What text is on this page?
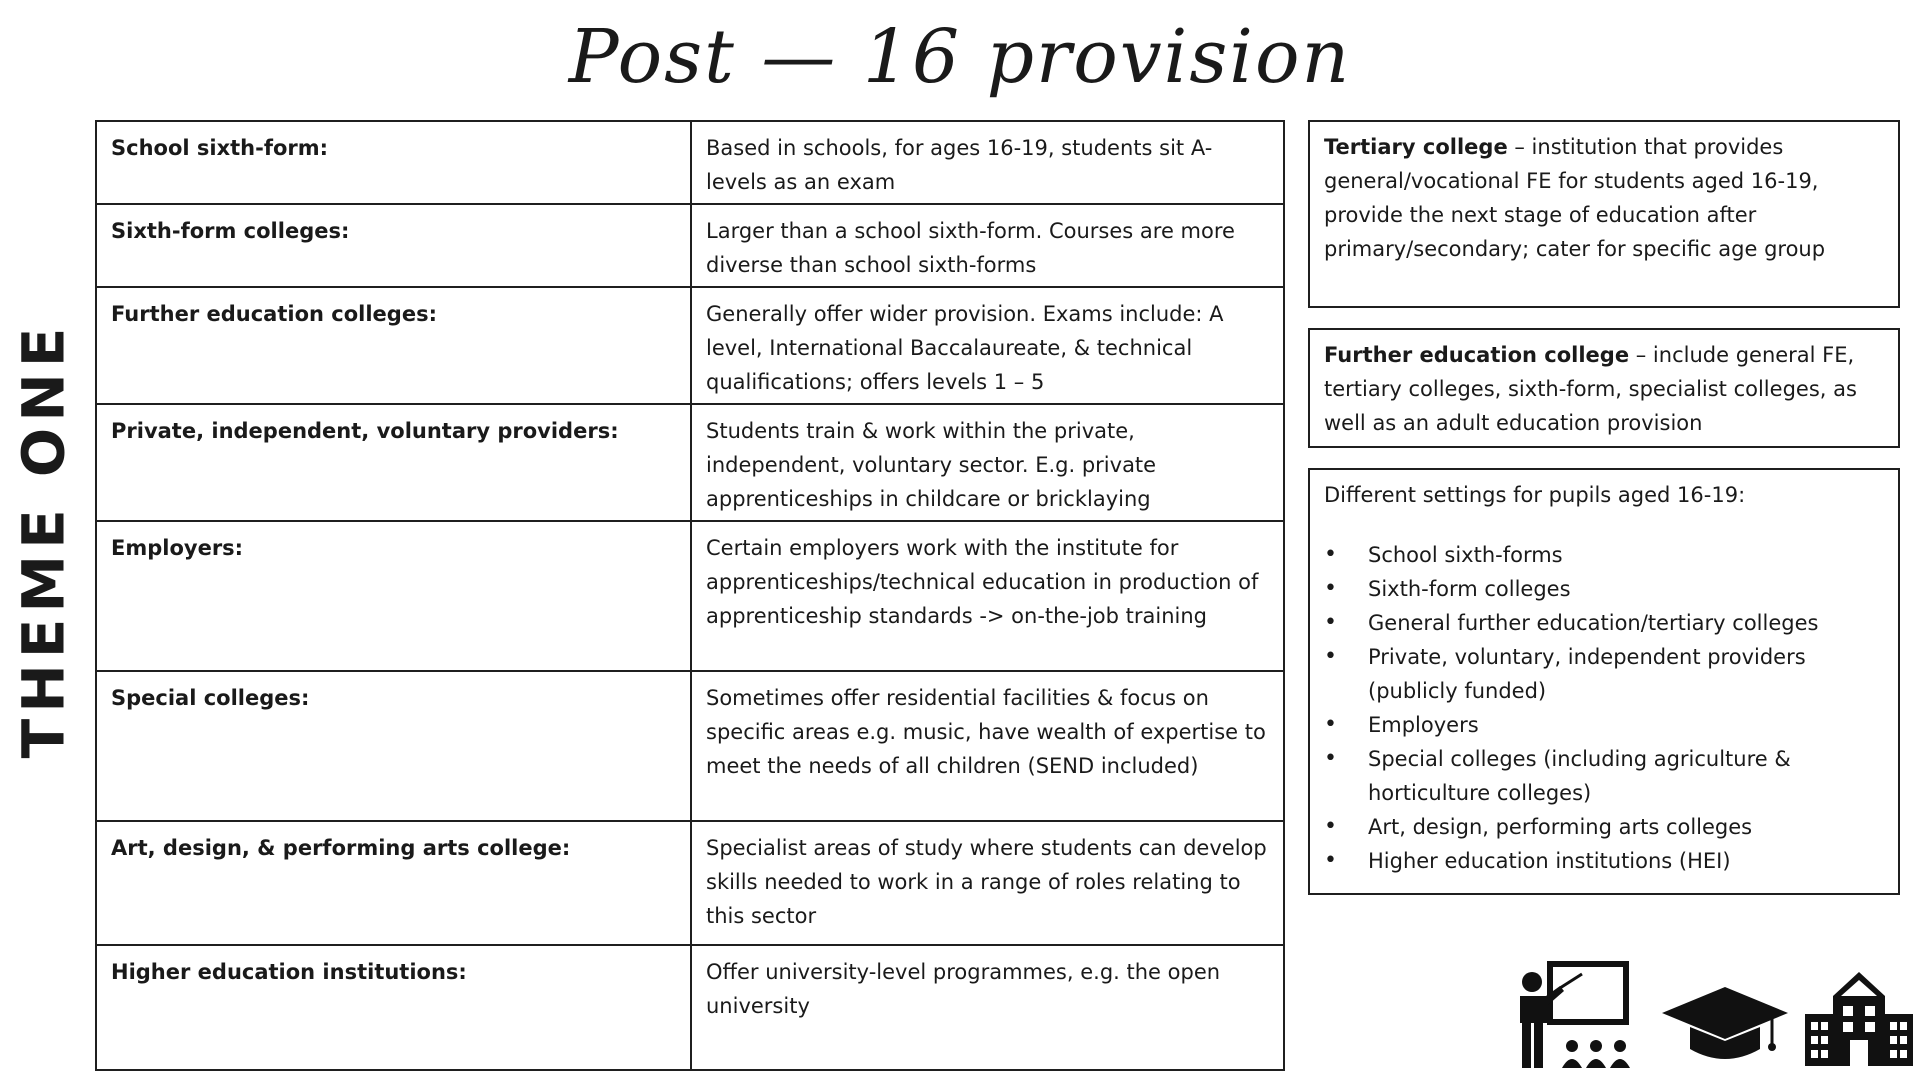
Post — 16 provision
THEME ONE
School sixth-form:	Based in schools, for ages 16-19, students sit A-levels as an exam
Sixth-form colleges:	Larger than a school sixth-form. Courses are more diverse than school sixth-forms
Further education colleges:	Generally offer wider provision. Exams include: A level, International Baccalaureate, & technical qualifications; offers levels 1 – 5
Private, independent, voluntary providers:	Students train & work within the private, independent, voluntary sector. E.g. private apprenticeships in childcare or bricklaying
Employers:	Certain employers work with the institute for apprenticeships/technical education in production of apprenticeship standards -> on-the-job training
Special colleges:	Sometimes offer residential facilities & focus on specific areas e.g. music, have wealth of expertise to meet the needs of all children (SEND included)
Art, design, & performing arts college:	Specialist areas of study where students can develop skills needed to work in a range of roles relating to this sector
Higher education institutions:	Offer university-level programmes, e.g. the open university
Tertiary college – institution that provides general/vocational FE for students aged 16-19, provide the next stage of education after primary/secondary; cater for specific age group
Further education college – include general FE, tertiary colleges, sixth-form, specialist colleges, as well as an adult education provision
Different settings for pupils aged 16-19:
• School sixth-forms
• Sixth-form colleges
• General further education/tertiary colleges
• Private, voluntary, independent providers (publicly funded)
• Employers
• Special colleges (including agriculture & horticulture colleges)
• Art, design, performing arts colleges
• Higher education institutions (HEI)
